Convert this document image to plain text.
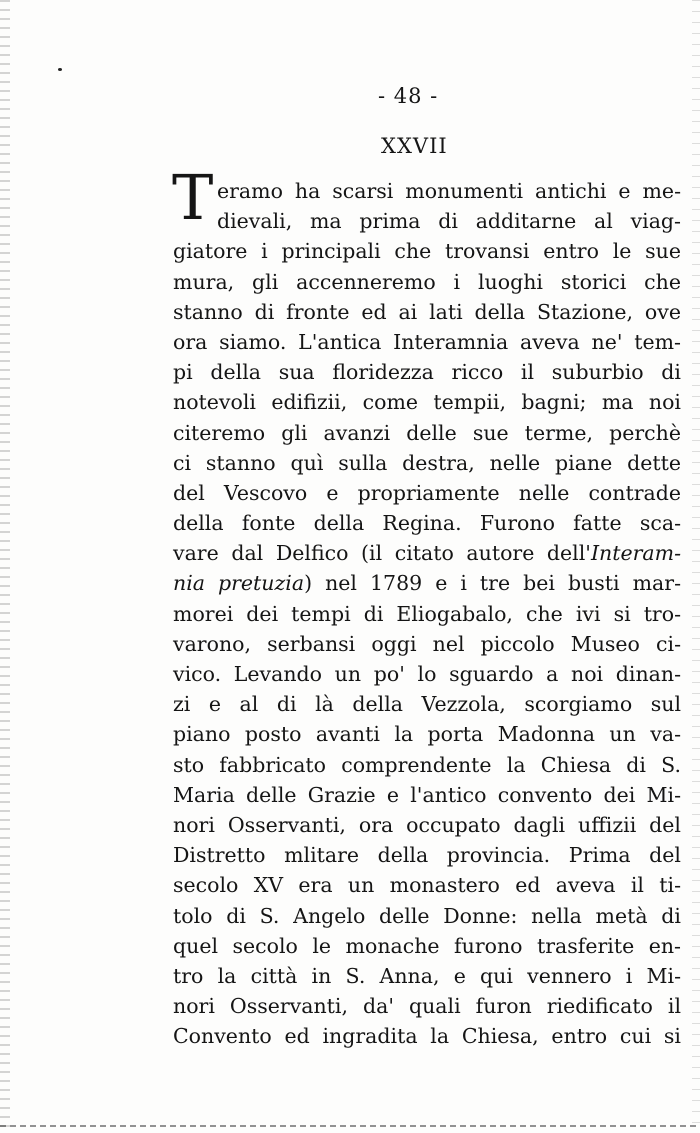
- 48 -
XXVII
T eramo ha scarsi monumenti antichi e me-
dievali, ma prima di additarne al viag-
giatore i principali che trovansi entro le sue
mura, gli accenneremo i luoghi storici che
stanno di fronte ed ai lati della Stazione, ove
ora siamo. L'antica Interamnia aveva ne' tem-
pi della sua floridezza ricco il suburbio di
notevoli edifizii, come tempii, bagni; ma noi
citeremo gli avanzi delle sue terme, perchè
ci stanno quì sulla destra, nelle piane dette
del Vescovo e propriamente nelle contrade
della fonte della Regina. Furono fatte sca-
vare dal Delfico (il citato autore dell'Interam-
nia pretuzia) nel 1789 e i tre bei busti mar-
morei dei tempi di Eliogabalo, che ivi si tro-
varono, serbansi oggi nel piccolo Museo ci-
vico. Levando un po' lo sguardo a noi dinan-
zi e al di là della Vezzola, scorgiamo sul
piano posto avanti la porta Madonna un va-
sto fabbricato comprendente la Chiesa di S.
Maria delle Grazie e l'antico convento dei Mi-
nori Osservanti, ora occupato dagli uffizii del
Distretto mlitare della provincia. Prima del
secolo XV era un monastero ed aveva il ti-
tolo di S. Angelo delle Donne: nella metà di
quel secolo le monache furono trasferite en-
tro la città in S. Anna, e qui vennero i Mi-
nori Osservanti, da' quali furon riedificato il
Convento ed ingradita la Chiesa, entro cui si
